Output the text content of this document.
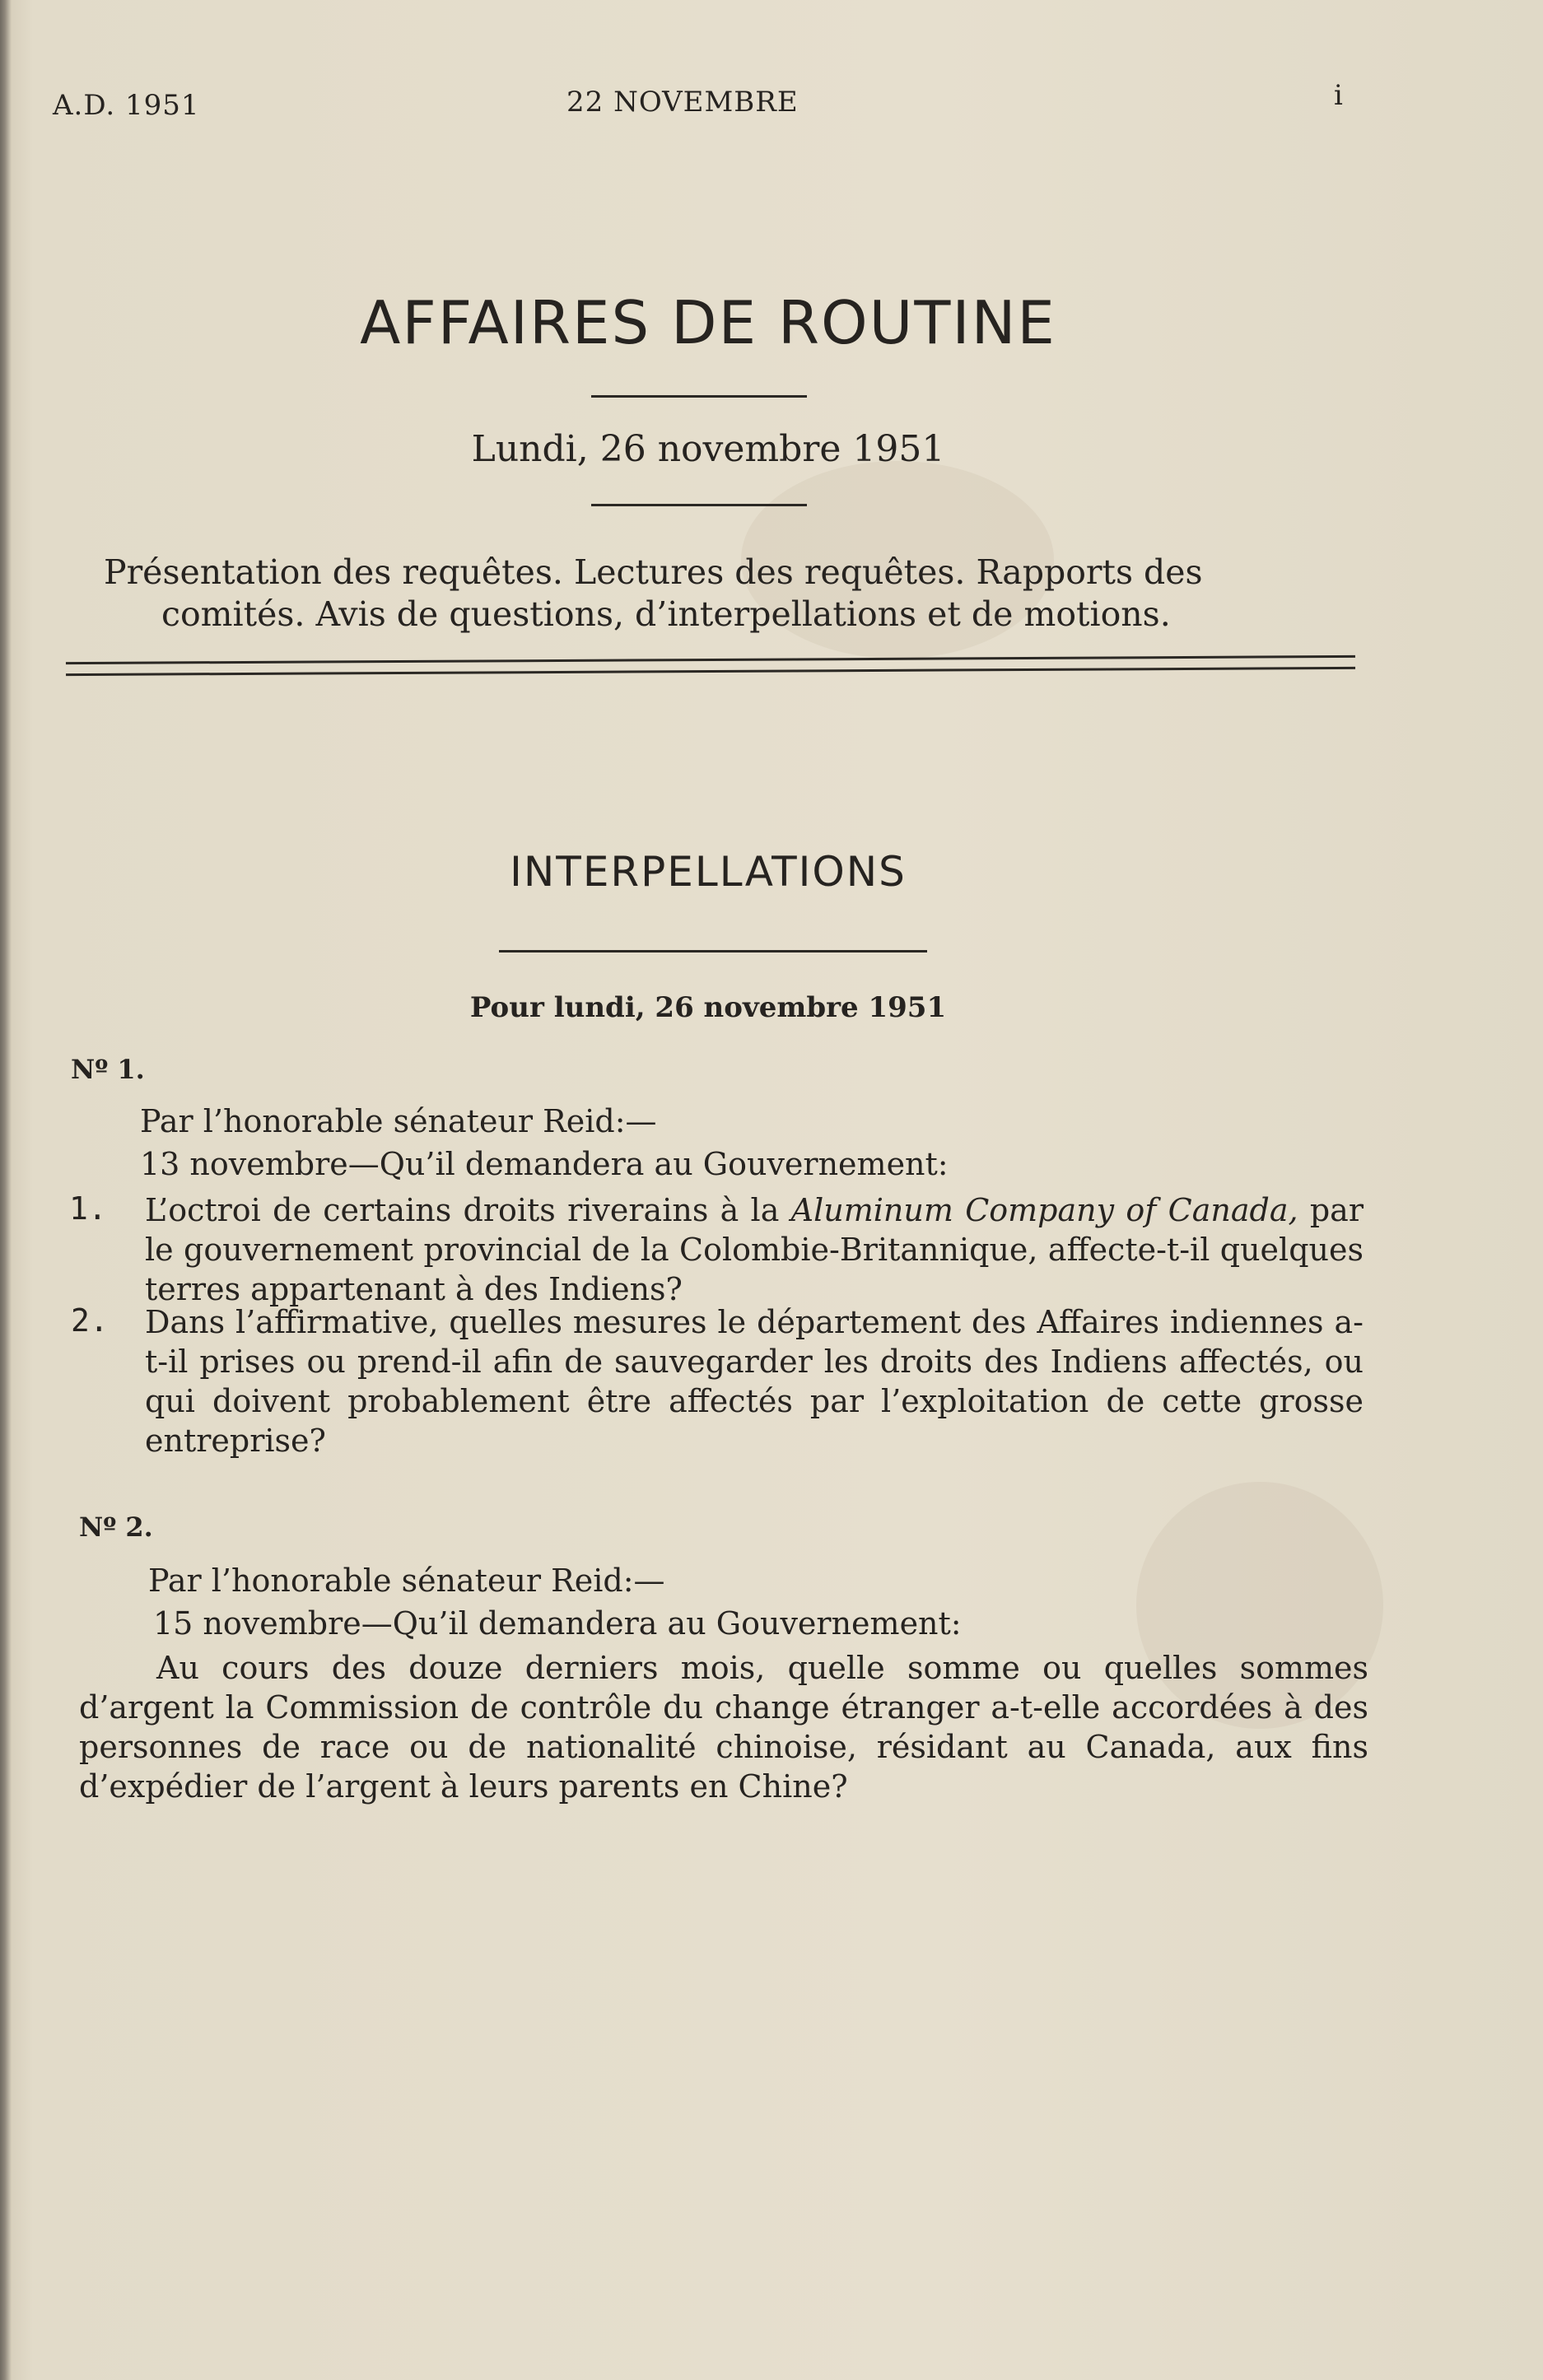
A.D. 1951	22 NOVEMBRE	i
AFFAIRES DE ROUTINE
Lundi, 26 novembre 1951
Présentation des requêtes. Lectures des requêtes. Rapports des
comités. Avis de questions, d’interpellations et de motions.
INTERPELLATIONS
Pour lundi, 26 novembre 1951
Nº 1.
Par l’honorable sénateur Reid:—
13 novembre—Qu’il demandera au Gouvernement:
1. L’octroi de certains droits riverains à la Aluminum Company of Canada, par le gouvernement provincial de la Colombie-Britannique, affecte-t-il quelques terres appartenant à des Indiens?
2. Dans l’affirmative, quelles mesures le département des Affaires indiennes a-t-il prises ou prend-il afin de sauvegarder les droits des Indiens affectés, ou qui doivent probablement être affectés par l’exploitation de cette grosse entreprise?
Nº 2.
Par l’honorable sénateur Reid:—
15 novembre—Qu’il demandera au Gouvernement:
Au cours des douze derniers mois, quelle somme ou quelles sommes d’argent la Commission de contrôle du change étranger a-t-elle accordées à des personnes de race ou de nationalité chinoise, résidant au Canada, aux fins d’expédier de l’argent à leurs parents en Chine?
